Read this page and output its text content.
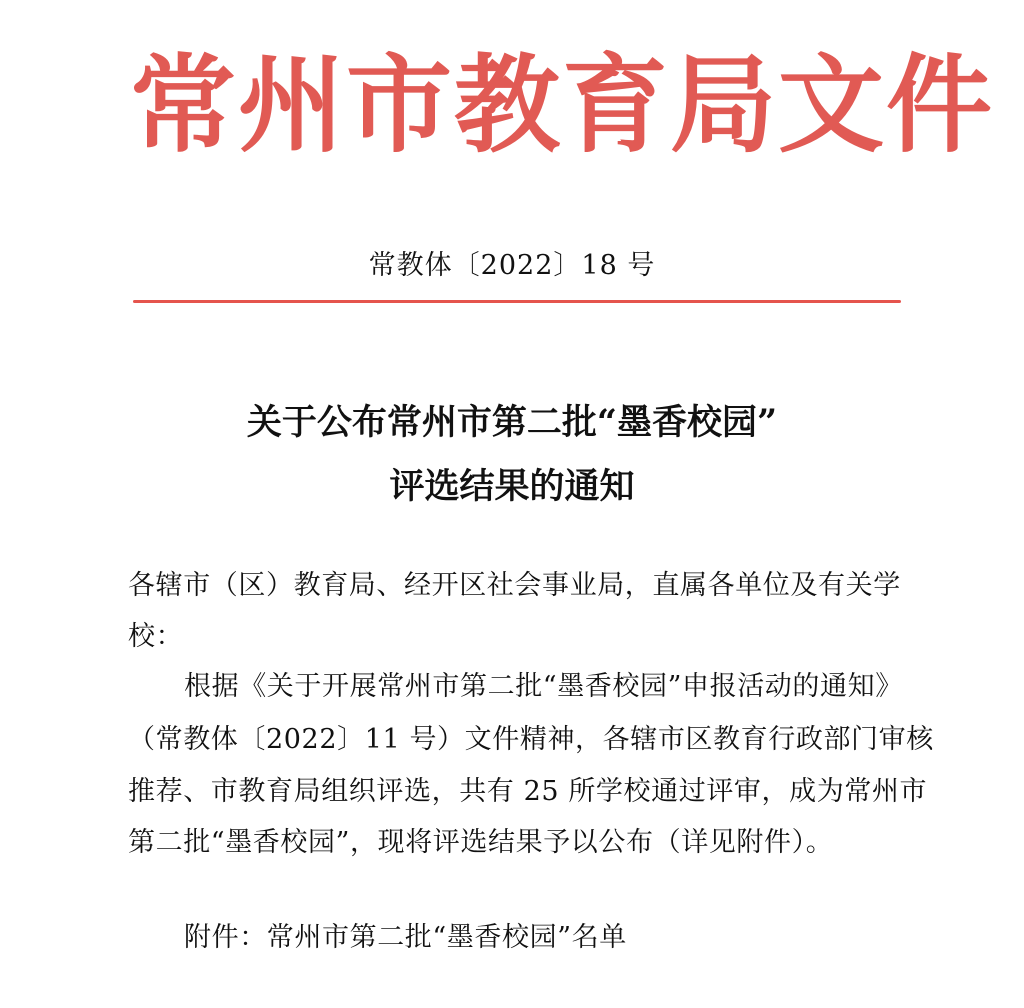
常州市教育局文件
常教体〔2022〕18 号
关于公布常州市第二批“墨香校园”
评选结果的通知
各辖市（区）教育局、经开区社会事业局，直属各单位及有关学
校：
根据《关于开展常州市第二批“墨香校园”申报活动的通知》
（常教体〔2022〕11 号）文件精神，各辖市区教育行政部门审核
推荐、市教育局组织评选，共有 25 所学校通过评审，成为常州市
第二批“墨香校园”，现将评选结果予以公布（详见附件）。
附件：常州市第二批“墨香校园”名单
